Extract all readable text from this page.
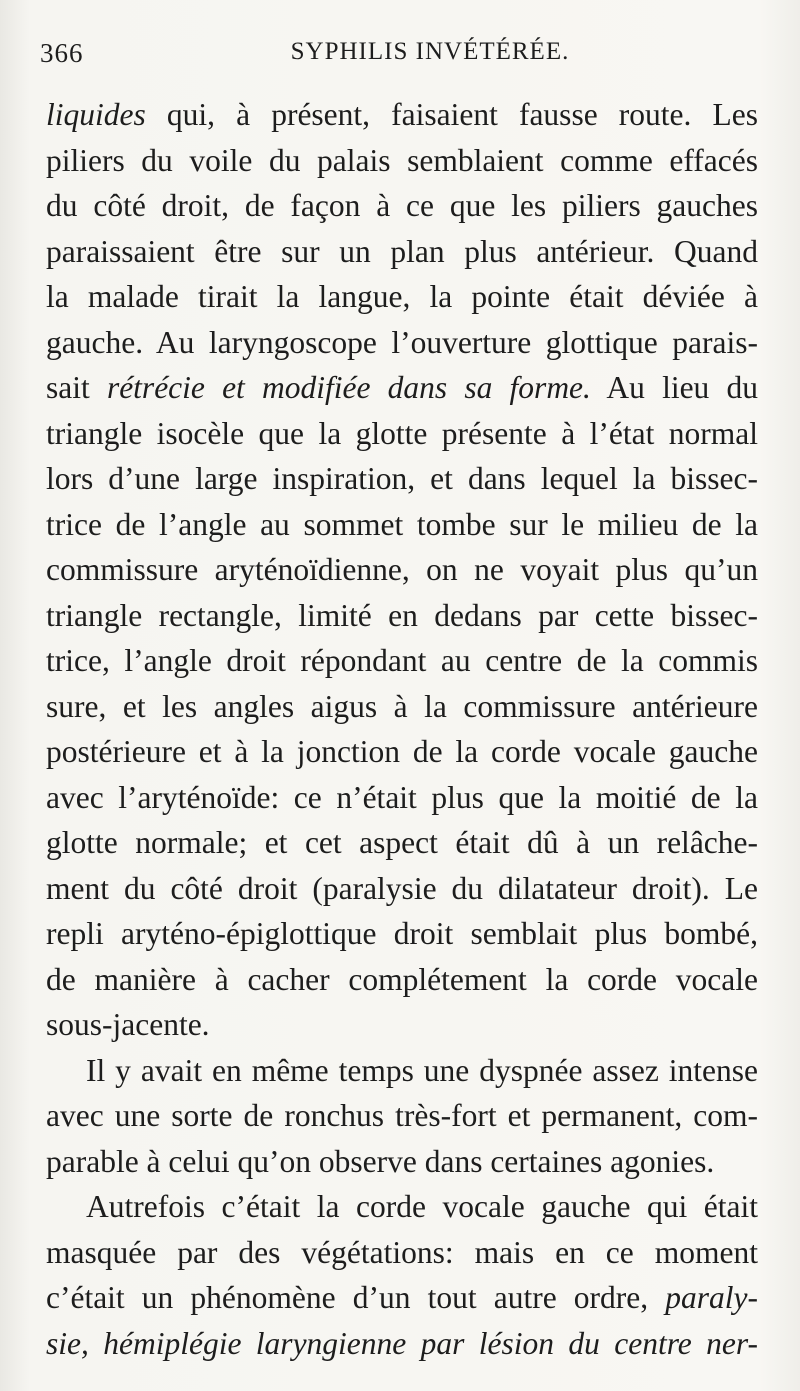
366	SYPHILIS INVÉTÉRÉE.
liquides qui, à présent, faisaient fausse route. Les
piliers du voile du palais semblaient comme effacés
du côté droit, de façon à ce que les piliers gauches
paraissaient être sur un plan plus antérieur. Quand
la malade tirait la langue, la pointe était déviée à
gauche. Au laryngoscope l’ouverture glottique parais-
sait rétrécie et modifiée dans sa forme. Au lieu du
triangle isocèle que la glotte présente à l’état normal
lors d’une large inspiration, et dans lequel la bissec-
trice de l’angle au sommet tombe sur le milieu de la
commissure aryténoïdienne, on ne voyait plus qu’un
triangle rectangle, limité en dedans par cette bissec-
trice, l’angle droit répondant au centre de la commis
sure, et les angles aigus à la commissure antérieure
postérieure et à la jonction de la corde vocale gauche
avec l’aryténoïde: ce n’était plus que la moitié de la
glotte normale; et cet aspect était dû à un relâche-
ment du côté droit (paralysie du dilatateur droit). Le
repli aryténo-épiglottique droit semblait plus bombé,
de manière à cacher complétement la corde vocale
sous-jacente.
Il y avait en même temps une dyspnée assez intense
avec une sorte de ronchus très-fort et permanent, com-
parable à celui qu’on observe dans certaines agonies.
Autrefois c’était la corde vocale gauche qui était
masquée par des végétations: mais en ce moment
c’était un phénomène d’un tout autre ordre, paraly-
sie, hémiplégie laryngienne par lésion du centre ner-
